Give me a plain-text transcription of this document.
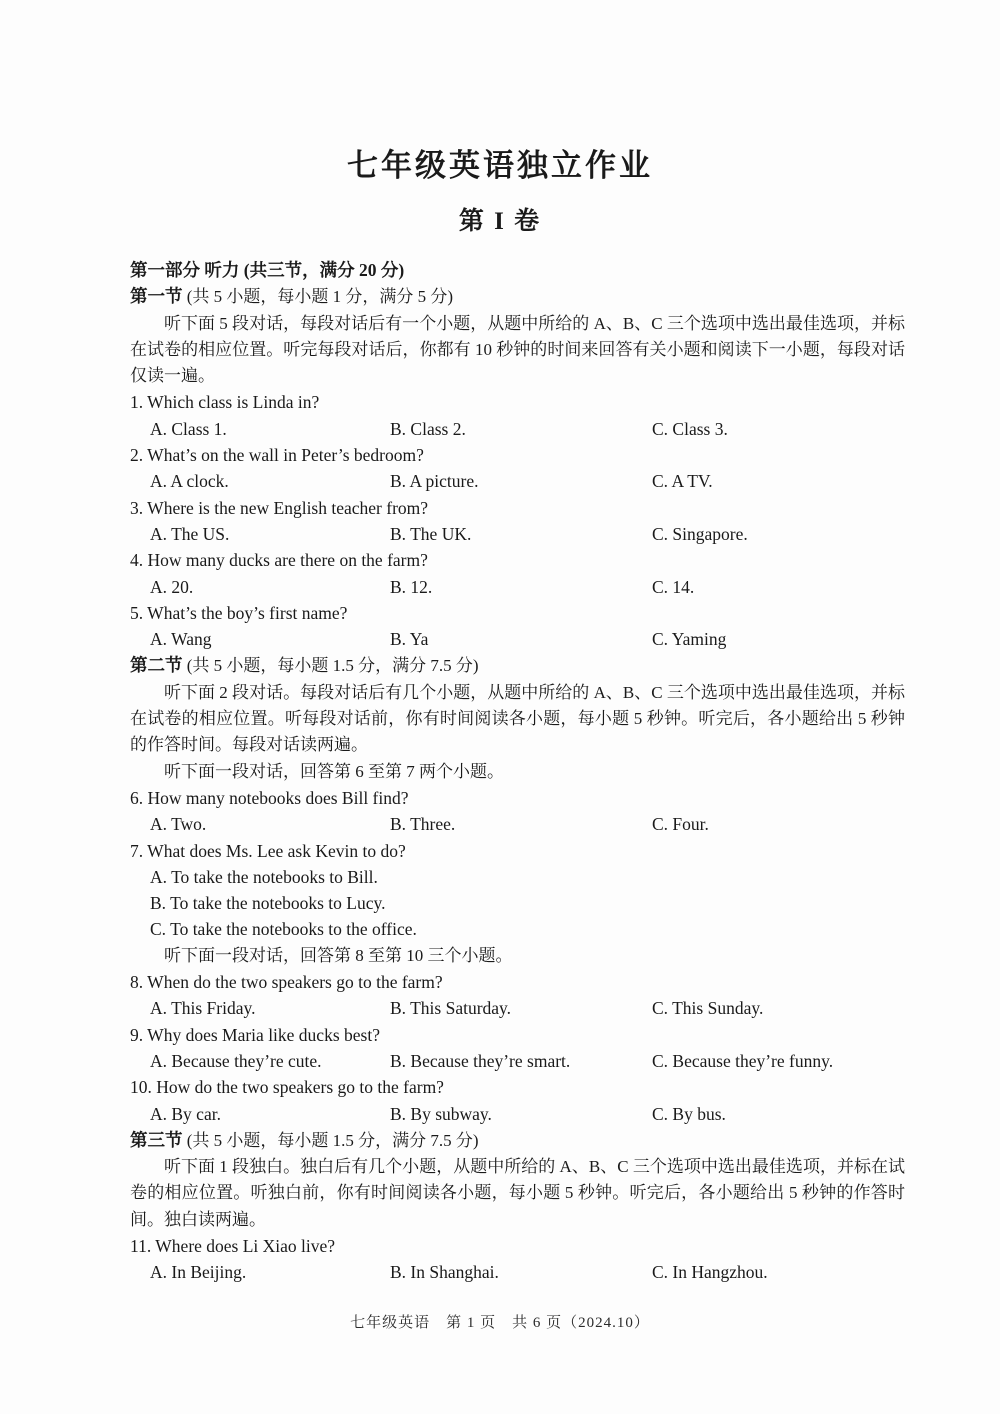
七年级英语独立作业
第 I 卷
第一部分 听力 (共三节，满分 20 分)
第一节 (共 5 小题，每小题 1 分，满分 5 分)

听下面 5 段对话，每段对话后有一个小题，从题中所给的 A、B、C 三个选项中选出最佳选项，并标在试卷的相应位置。听完每段对话后，你都有 10 秒钟的时间来回答有关小题和阅读下一小题，每段对话仅读一遍。

1. Which class is Linda in?
A. Class 1.	B. Class 2.	C. Class 3.
2. What’s on the wall in Peter’s bedroom?
A. A clock.	B. A picture.	C. A TV.
3. Where is the new English teacher from?
A. The US.	B. The UK.	C. Singapore.
4. How many ducks are there on the farm?
A. 20.	B. 12.	C. 14.
5. What’s the boy’s first name?
A. Wang	B. Ya	C. Yaming
第二节 (共 5 小题，每小题 1.5 分，满分 7.5 分)

听下面 2 段对话。每段对话后有几个小题，从题中所给的 A、B、C 三个选项中选出最佳选项，并标在试卷的相应位置。听每段对话前，你有时间阅读各小题，每小题 5 秒钟。听完后，各小题给出 5 秒钟的作答时间。每段对话读两遍。

听下面一段对话，回答第 6 至第 7 两个小题。

6. How many notebooks does Bill find?
A. Two.	B. Three.	C. Four.
7. What does Ms. Lee ask Kevin to do?
A. To take the notebooks to Bill.
B. To take the notebooks to Lucy.
C. To take the notebooks to the office.

听下面一段对话，回答第 8 至第 10 三个小题。

8. When do the two speakers go to the farm?
A. This Friday.	B. This Saturday.	C. This Sunday.
9. Why does Maria like ducks best?
A. Because they’re cute.	B. Because they’re smart.	C. Because they’re funny.
10. How do the two speakers go to the farm?
A. By car.	B. By subway.	C. By bus.
第三节 (共 5 小题，每小题 1.5 分，满分 7.5 分)

听下面 1 段独白。独白后有几个小题，从题中所给的 A、B、C 三个选项中选出最佳选项，并标在试卷的相应位置。听独白前，你有时间阅读各小题，每小题 5 秒钟。听完后，各小题给出 5 秒钟的作答时间。独白读两遍。

11. Where does Li Xiao live?
A. In Beijing.	B. In Shanghai.	C. In Hangzhou.
七年级英语　第 1 页　共 6 页（2024.10）
